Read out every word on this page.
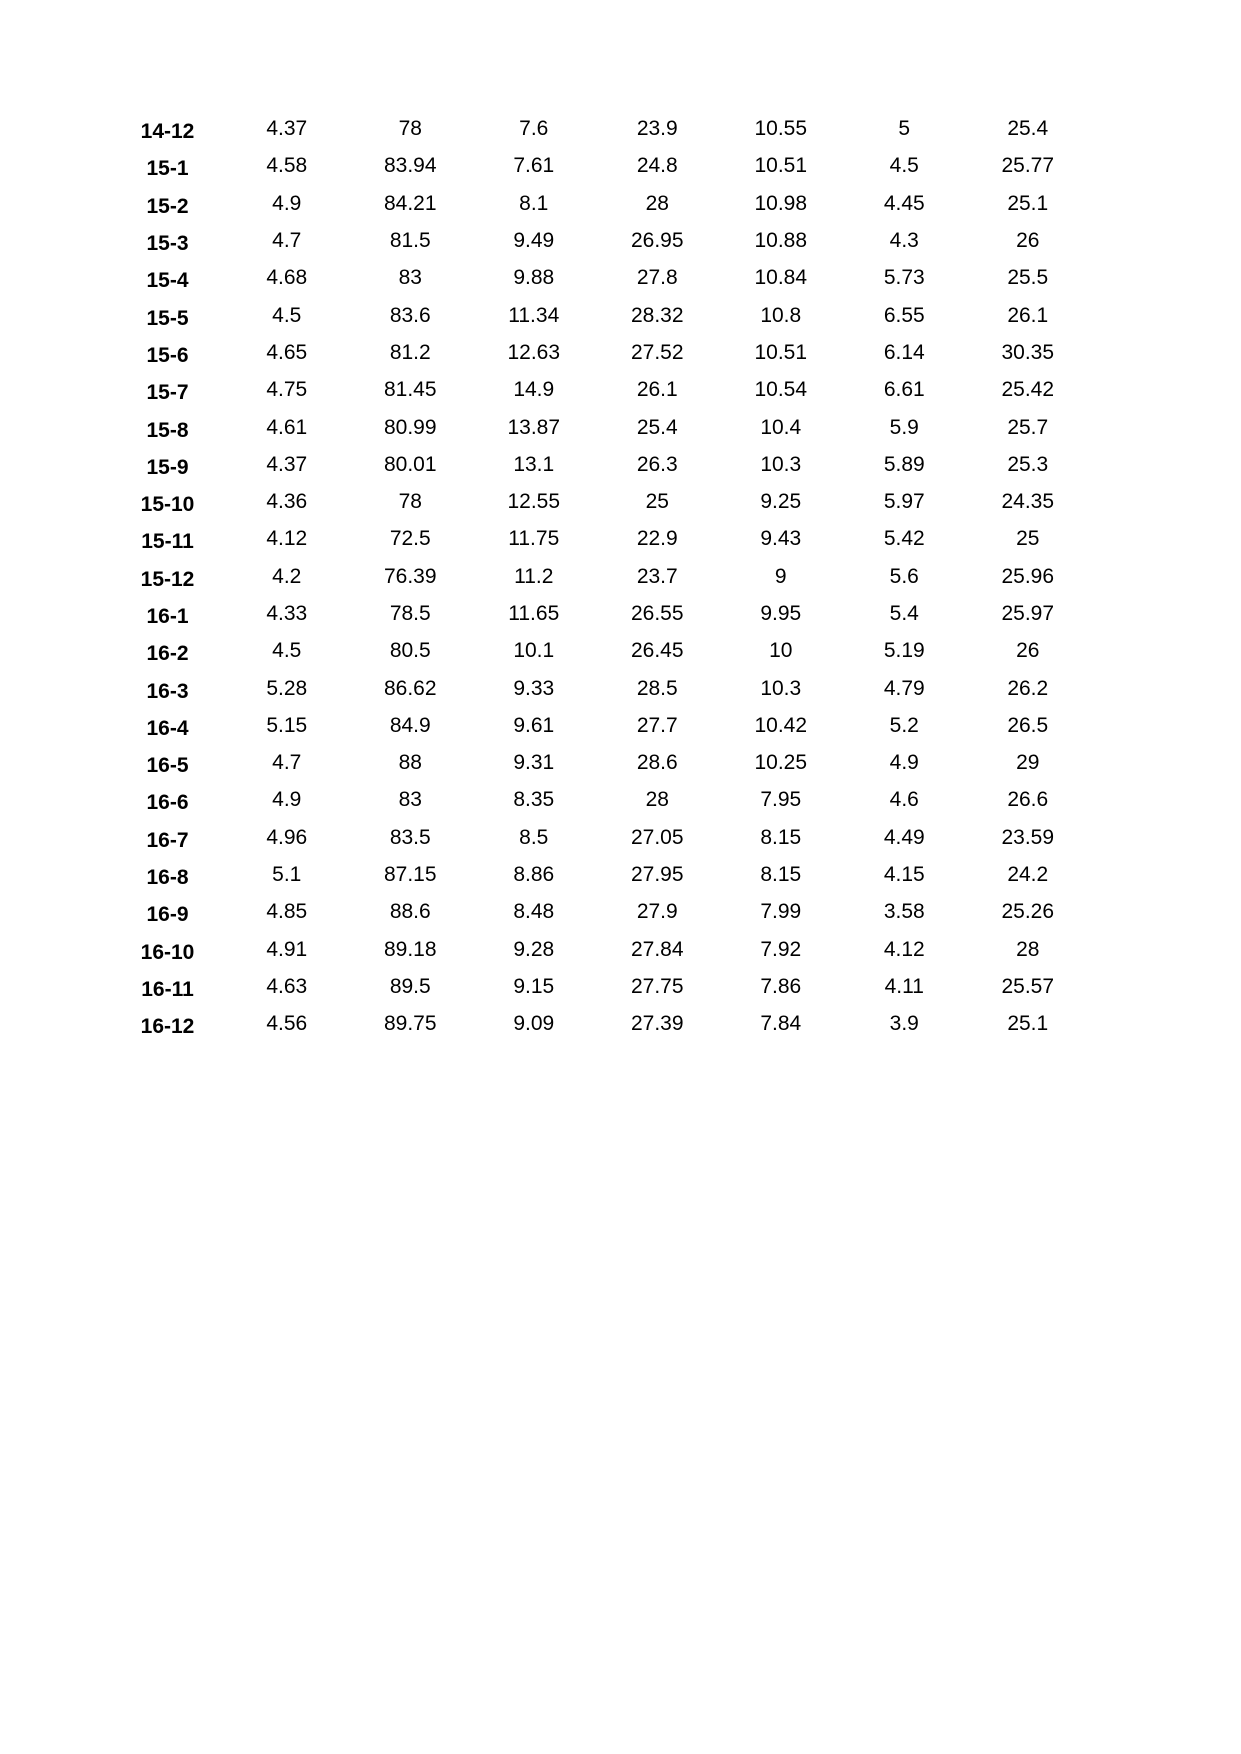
14-12	4.37	78	7.6	23.9	10.55	5	25.4
15-1	4.58	83.94	7.61	24.8	10.51	4.5	25.77
15-2	4.9	84.21	8.1	28	10.98	4.45	25.1
15-3	4.7	81.5	9.49	26.95	10.88	4.3	26
15-4	4.68	83	9.88	27.8	10.84	5.73	25.5
15-5	4.5	83.6	11.34	28.32	10.8	6.55	26.1
15-6	4.65	81.2	12.63	27.52	10.51	6.14	30.35
15-7	4.75	81.45	14.9	26.1	10.54	6.61	25.42
15-8	4.61	80.99	13.87	25.4	10.4	5.9	25.7
15-9	4.37	80.01	13.1	26.3	10.3	5.89	25.3
15-10	4.36	78	12.55	25	9.25	5.97	24.35
15-11	4.12	72.5	11.75	22.9	9.43	5.42	25
15-12	4.2	76.39	11.2	23.7	9	5.6	25.96
16-1	4.33	78.5	11.65	26.55	9.95	5.4	25.97
16-2	4.5	80.5	10.1	26.45	10	5.19	26
16-3	5.28	86.62	9.33	28.5	10.3	4.79	26.2
16-4	5.15	84.9	9.61	27.7	10.42	5.2	26.5
16-5	4.7	88	9.31	28.6	10.25	4.9	29
16-6	4.9	83	8.35	28	7.95	4.6	26.6
16-7	4.96	83.5	8.5	27.05	8.15	4.49	23.59
16-8	5.1	87.15	8.86	27.95	8.15	4.15	24.2
16-9	4.85	88.6	8.48	27.9	7.99	3.58	25.26
16-10	4.91	89.18	9.28	27.84	7.92	4.12	28
16-11	4.63	89.5	9.15	27.75	7.86	4.11	25.57
16-12	4.56	89.75	9.09	27.39	7.84	3.9	25.1
